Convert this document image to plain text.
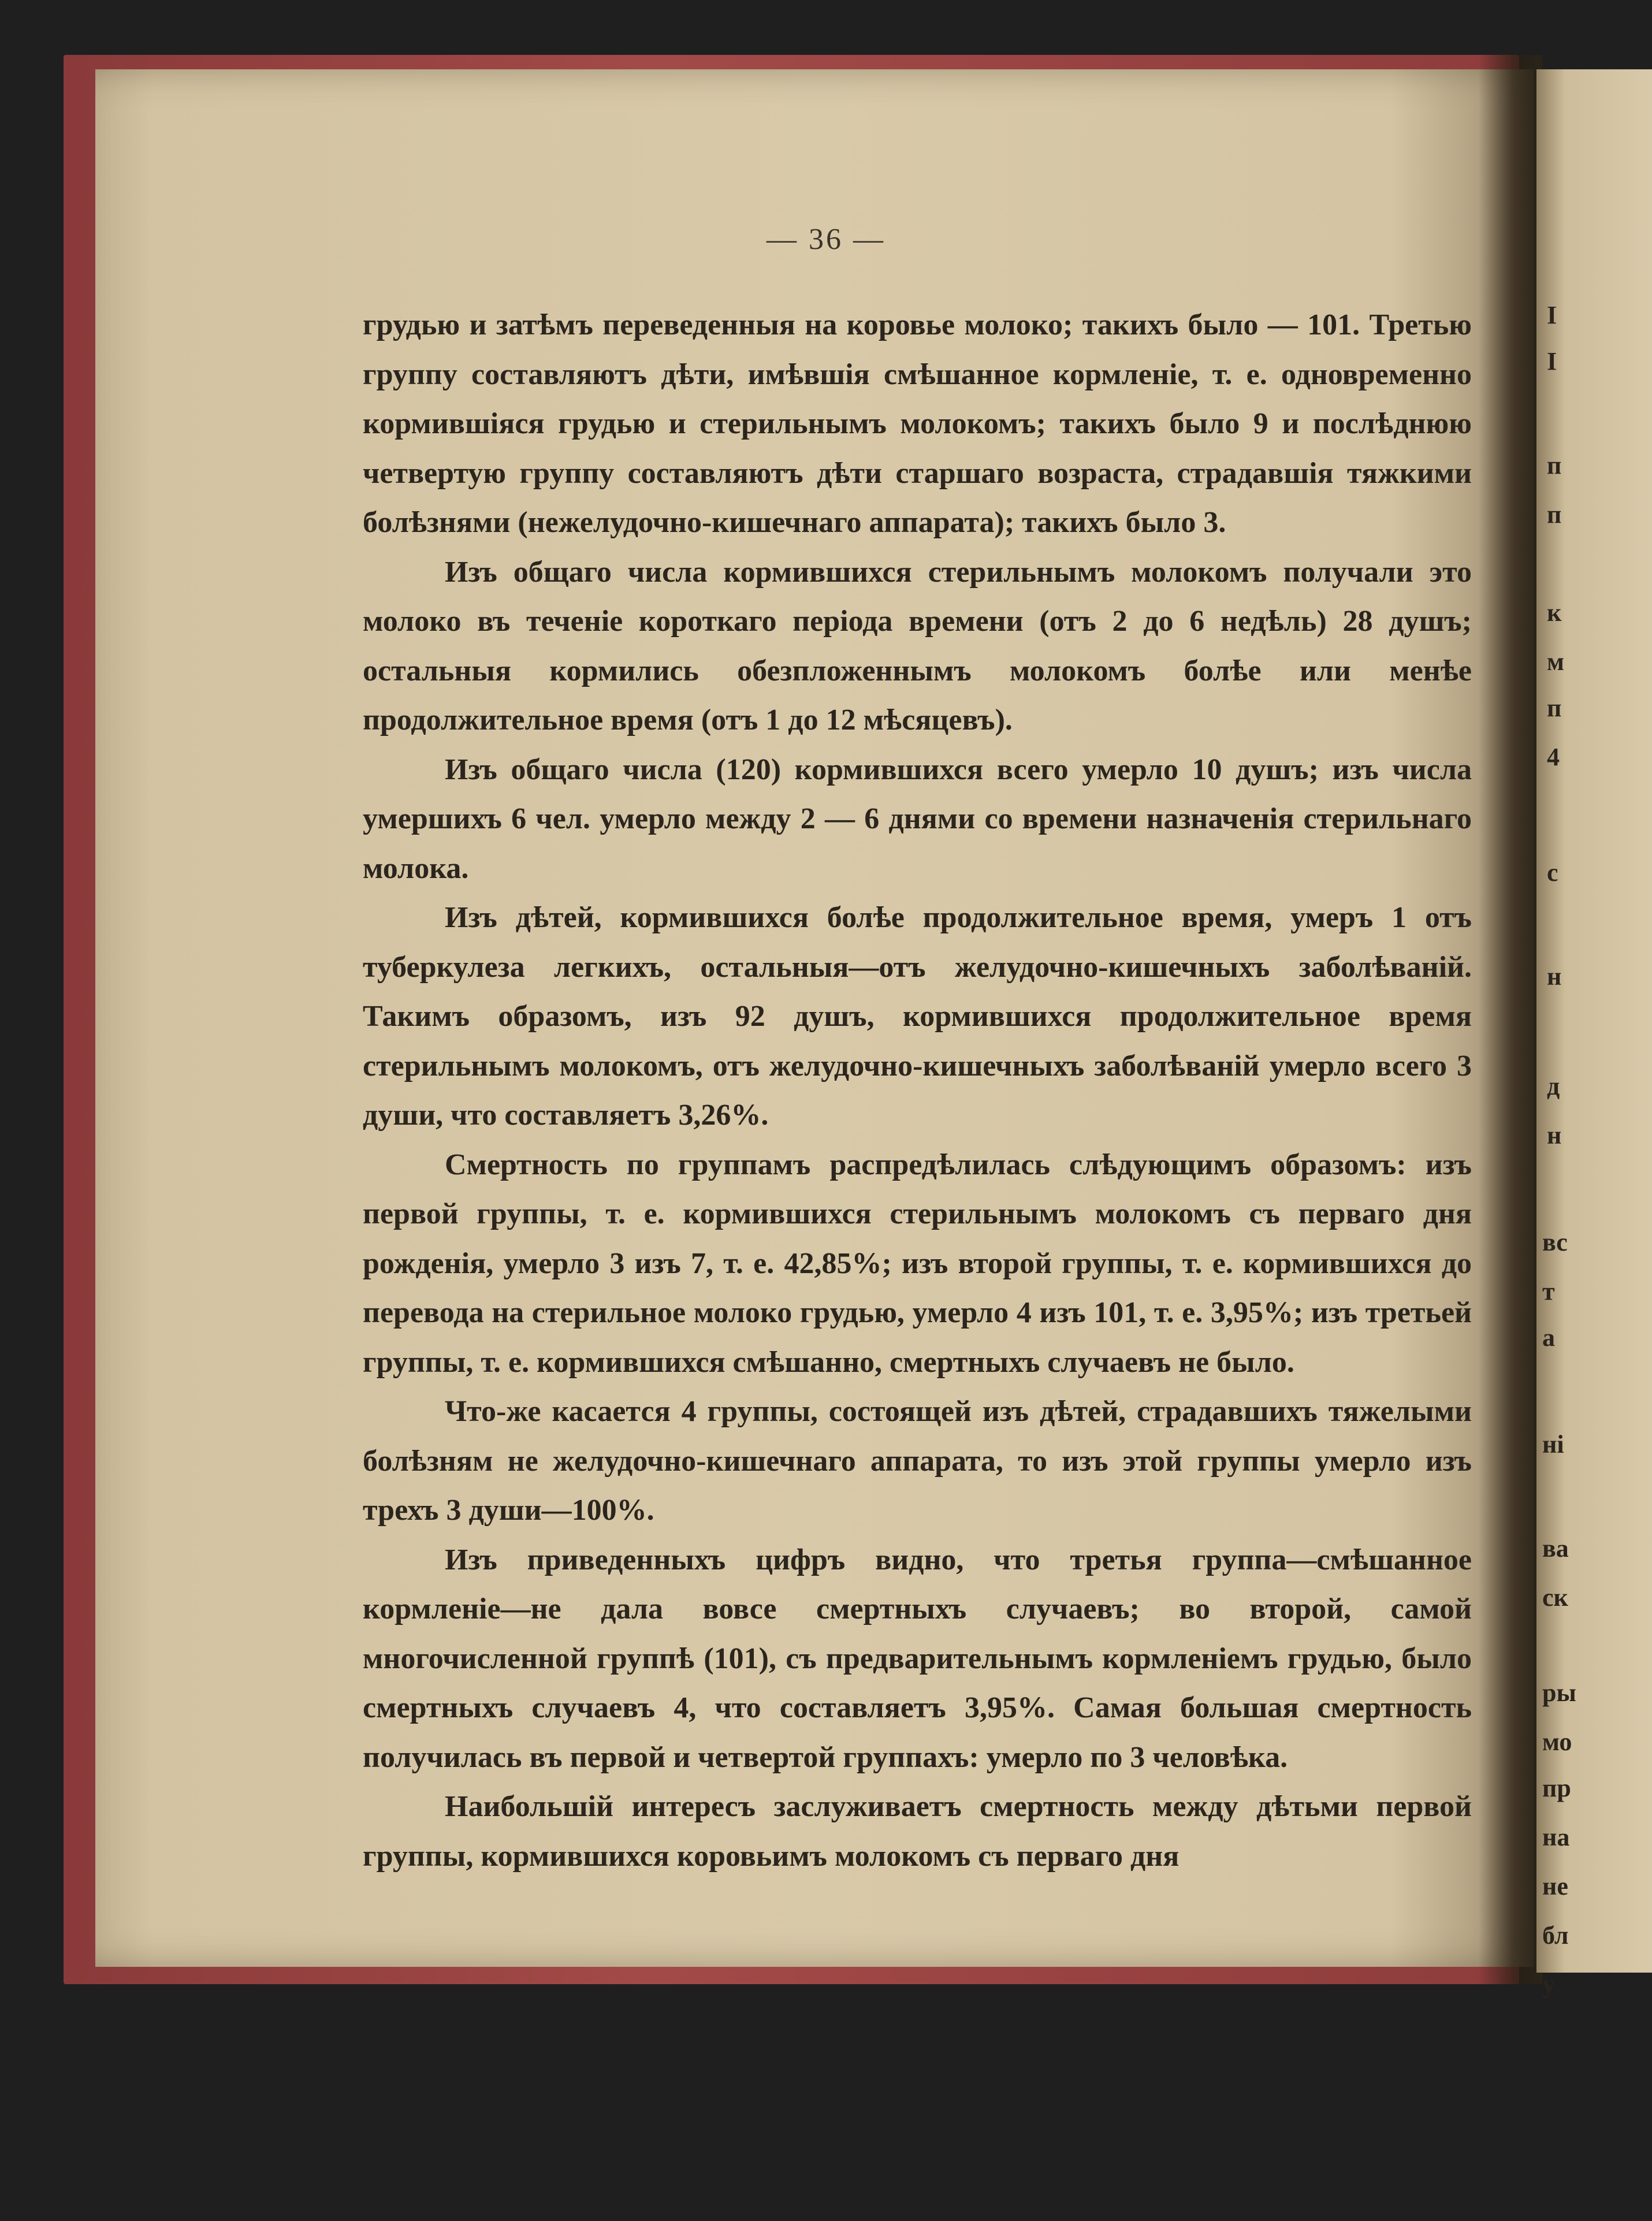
I
I
п
п
к
м
п
4
с
н
д
н
вс
т
а
ні
ва
ск
ры
мо
пр
на
не
бл
у
— 36 —

грудью и затѣмъ переведенныя на коровье молоко; такихъ было — 101. Третью группу составляютъ дѣти, имѣвшія смѣшанное кормленіе, т. е. одновременно кормившіяся грудью и стерильнымъ молокомъ; такихъ было 9 и послѣднюю четвертую группу составляютъ дѣти старшаго возраста, страдавшія тяжкими болѣзнями (нежелудочно-кишечнаго аппарата); такихъ было 3.

Изъ общаго числа кормившихся стерильнымъ молокомъ получали это молоко въ теченіе короткаго періода времени (отъ 2 до 6 недѣль) 28 душъ; остальныя кормились обезпложеннымъ молокомъ болѣе или менѣе продолжительное время (отъ 1 до 12 мѣсяцевъ).

Изъ общаго числа (120) кормившихся всего умерло 10 душъ; изъ числа умершихъ 6 чел. умерло между 2 — 6 днями со времени назначенія стерильнаго молока.

Изъ дѣтей, кормившихся болѣе продолжительное время, умеръ 1 отъ туберкулеза легкихъ, остальныя—отъ желудочно-кишечныхъ заболѣваній. Такимъ образомъ, изъ 92 душъ, кормившихся продолжительное время стерильнымъ молокомъ, отъ желудочно-кишечныхъ заболѣваній умерло всего 3 души, что составляетъ 3,26%.

Смертность по группамъ распредѣлилась слѣдующимъ образомъ: изъ первой группы, т. е. кормившихся стерильнымъ молокомъ съ перваго дня рожденія, умерло 3 изъ 7, т. е. 42,85%; изъ второй группы, т. е. кормившихся до перевода на стерильное молоко грудью, умерло 4 изъ 101, т. е. 3,95%; изъ третьей группы, т. е. кормившихся смѣшанно, смертныхъ случаевъ не было.

Что-же касается 4 группы, состоящей изъ дѣтей, страдавшихъ тяжелыми болѣзням не желудочно-кишечнаго аппарата, то изъ этой группы умерло изъ трехъ 3 души—100%.

Изъ приведенныхъ цифръ видно, что третья группа—смѣшанное кормленіе—не дала вовсе смертныхъ случаевъ; во второй, самой многочисленной группѣ (101), съ предварительнымъ кормленіемъ грудью, было смертныхъ случаевъ 4, что составляетъ 3,95%. Самая большая смертность получилась въ первой и четвертой группахъ: умерло по 3 человѣка.

Наибольшій интересъ заслуживаетъ смертность между дѣтьми первой группы, кормившихся коровьимъ молокомъ съ перваго дня
